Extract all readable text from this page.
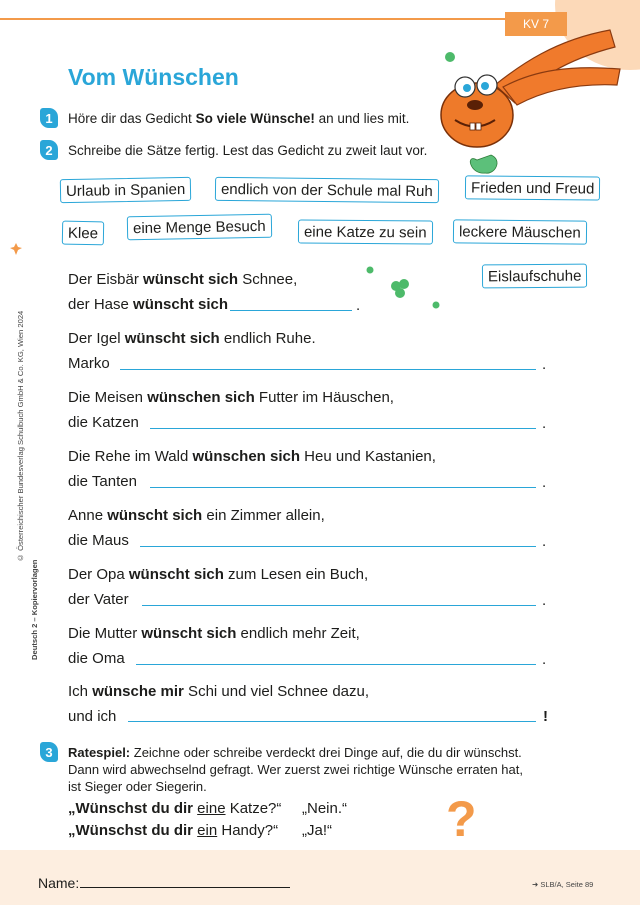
KV 7
Vom Wünschen
1	Höre dir das Gedicht So viele Wünsche! an und lies mit.
2	Schreibe die Sätze fertig. Lest das Gedicht zu zweit laut vor.
Urlaub in Spanien	endlich von der Schule mal Ruh	Frieden und Freud
Klee	eine Menge Besuch	eine Katze zu sein	leckere Mäuschen
Eislaufschuhe
Der Eisbär wünscht sich Schnee,
der Hase wünscht sich	.
Der Igel wünscht sich endlich Ruhe.
Marko	.
Die Meisen wünschen sich Futter im Häuschen,
die Katzen	.
Die Rehe im Wald wünschen sich Heu und Kastanien,
die Tanten	.
Anne wünscht sich ein Zimmer allein,
die Maus	.
Der Opa wünscht sich zum Lesen ein Buch,
der Vater	.
Die Mutter wünscht sich endlich mehr Zeit,
die Oma	.
Ich wünsche mir Schi und viel Schnee dazu,
und ich	!
3	Ratespiel: Zeichne oder schreibe verdeckt drei Dinge auf, die du dir wünschst. Dann wird abwechselnd gefragt. Wer zuerst zwei richtige Wünsche erraten hat, ist Sieger oder Siegerin.
„Wünschst du dir eine Katze?“ „Nein.“
„Wünschst du dir ein Handy?“ „Ja!“ ?
© Österreichischer Bundesverlag Schulbuch GmbH & Co. KG, Wien 2024
Deutsch 2 – Kopiervorlagen
Name:	➜ SLB/A, Seite 89
